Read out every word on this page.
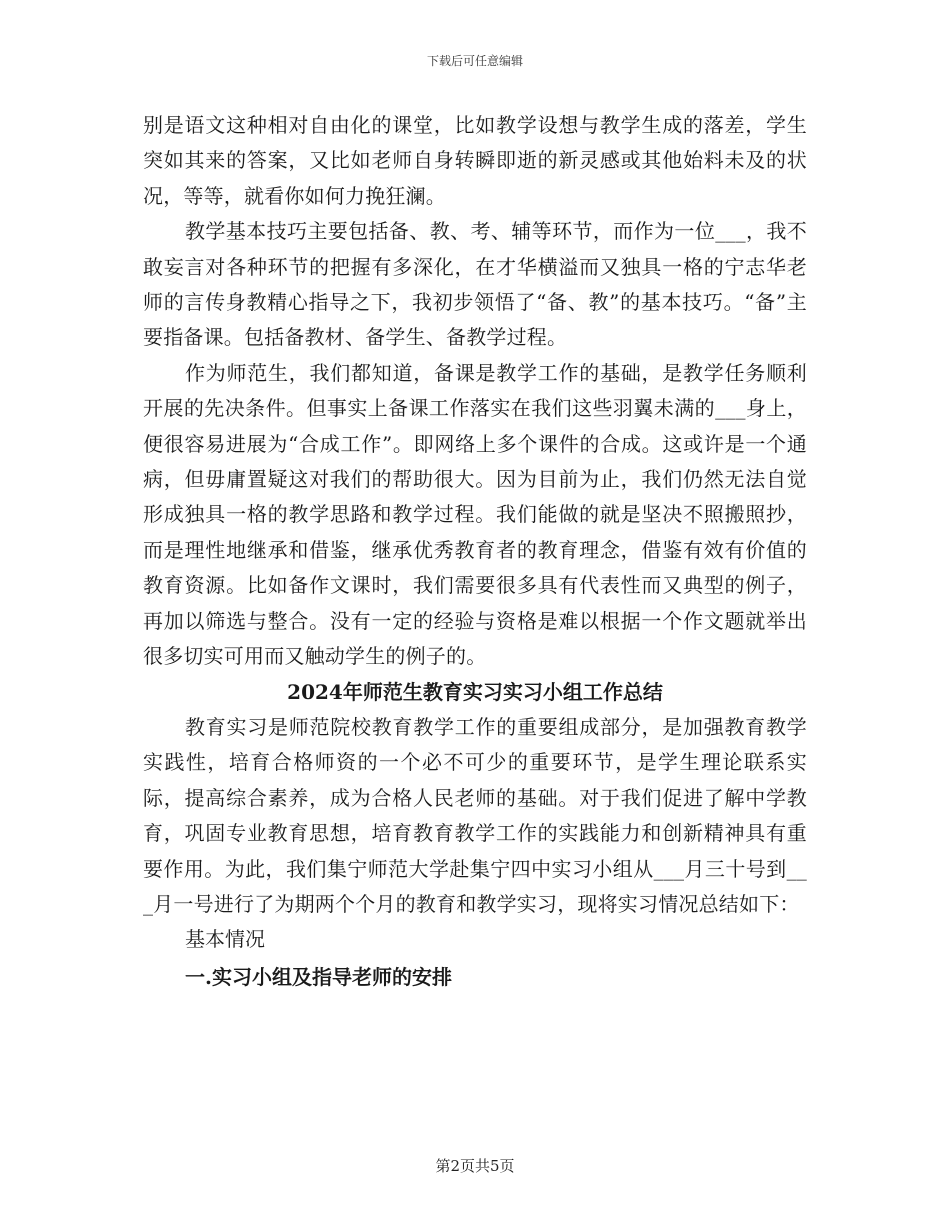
下载后可任意编辑

别是语文这种相对自由化的课堂，比如教学设想与教学生成的落差，学生突如其来的答案，又比如老师自身转瞬即逝的新灵感或其他始料未及的状况，等等，就看你如何力挽狂澜。

教学基本技巧主要包括备、教、考、辅等环节，而作为一位___，我不敢妄言对各种环节的把握有多深化，在才华横溢而又独具一格的宁志华老师的言传身教精心指导之下，我初步领悟了“备、教”的基本技巧。“备”主要指备课。包括备教材、备学生、备教学过程。

作为师范生，我们都知道，备课是教学工作的基础，是教学任务顺利开展的先决条件。但事实上备课工作落实在我们这些羽翼未满的___身上，便很容易进展为“合成工作”。即网络上多个课件的合成。这或许是一个通病，但毋庸置疑这对我们的帮助很大。因为目前为止，我们仍然无法自觉形成独具一格的教学思路和教学过程。我们能做的就是坚决不照搬照抄，而是理性地继承和借鉴，继承优秀教育者的教育理念，借鉴有效有价值的教育资源。比如备作文课时，我们需要很多具有代表性而又典型的例子，再加以筛选与整合。没有一定的经验与资格是难以根据一个作文题就举出很多切实可用而又触动学生的例子的。

2024年师范生教育实习实习小组工作总结

教育实习是师范院校教育教学工作的重要组成部分，是加强教育教学实践性，培育合格师资的一个必不可少的重要环节，是学生理论联系实际，提高综合素养，成为合格人民老师的基础。对于我们促进了解中学教育，巩固专业教育思想，培育教育教学工作的实践能力和创新精神具有重要作用。为此，我们集宁师范大学赴集宁四中实习小组从___月三十号到___月一号进行了为期两个个月的教育和教学实习，现将实习情况总结如下：

基本情况

一.实习小组及指导老师的安排

第2页共5页
